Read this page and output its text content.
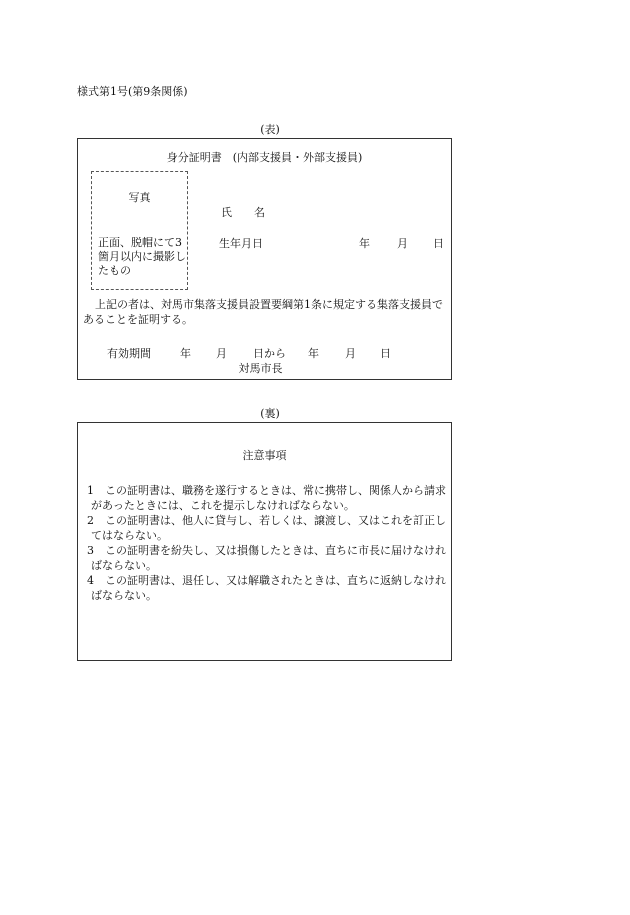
様式第1号(第9条関係)
(表)
身分証明書　(内部支援員・外部支援員)
写真
正面、脱帽にて3箇月以内に撮影したもの
氏　　名
生年月日	年 月 日
上記の者は、対馬市集落支援員設置要綱第1条に規定する集落支援員であることを証明する。
有効期間	年 月 日から 年 月 日
対馬市長
(裏)
注意事項
1　この証明書は、職務を遂行するときは、常に携帯し、関係人から請求があったときには、これを提示しなければならない。
2　この証明書は、他人に貸与し、若しくは、譲渡し、又はこれを訂正してはならない。
3　この証明書を紛失し、又は損傷したときは、直ちに市長に届けなければならない。
4　この証明書は、退任し、又は解職されたときは、直ちに返納しなければならない。
